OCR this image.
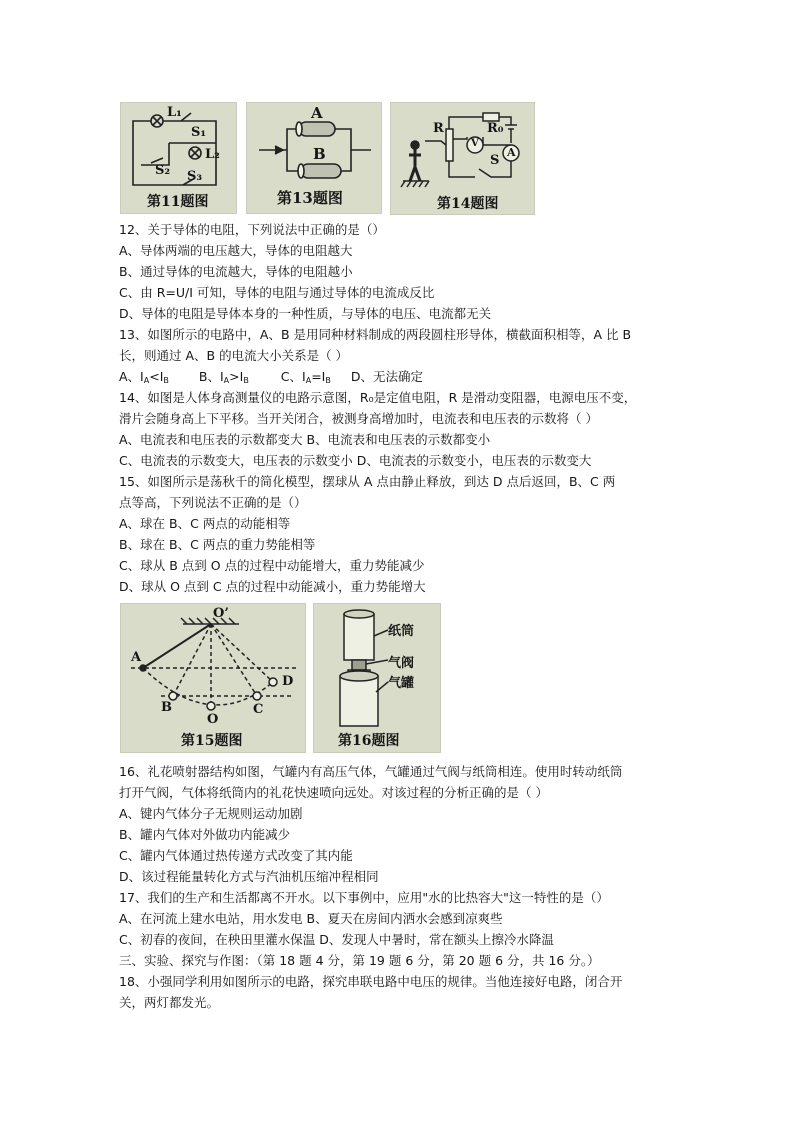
L₁
S₁
L₂
S₂ S₃
第11题图
A
B
第13题图
R	R₀
V
S
A
第14题图
12、关于导体的电阻，下列说法中正确的是（）
A、导体两端的电压越大，导体的电阻越大
B、通过导体的电流越大，导体的电阻越小
C、由 R=U/I 可知，导体的电阻与通过导体的电流成反比
D、导体的电阻是导体本身的一种性质，与导体的电压、电流都无关
13、如图所示的电路中，A、B 是用同种材料制成的两段圆柱形导体，横截面积相等，A 比 B
长，则通过 A、B 的电流大小关系是（ ）
A、$I_A<I_B$ B、$I_A>I_B$	C、$I_A=I_B$ D、无法确定
14、如图是人体身高测量仪的电路示意图，R₀是定值电阻，R 是滑动变阻器，电源电压不变，
滑片会随身高上下平移。当开关闭合，被测身高增加时，电流表和电压表的示数将（ ）
A、电流表和电压表的示数都变大 B、电流表和电压表的示数都变小
C、电流表的示数变大，电压表的示数变小 D、电流表的示数变小，电压表的示数变大
15、如图所示是荡秋千的简化模型，摆球从 A 点由静止释放，到达 D 点后返回，B、C 两
点等高，下列说法不正确的是（）
A、球在 B、C 两点的动能相等
B、球在 B、C 两点的重力势能相等
C、球从 B 点到 O 点的过程中动能增大，重力势能减少
D、球从 O 点到 C 点的过程中动能减小，重力势能增大
O’
A
B
O
C
D
第15题图
纸筒
气阀
气罐
第16题图
16、礼花喷射器结构如图，气罐内有高压气体，气罐通过气阀与纸筒相连。使用时转动纸筒
打开气阀，气体将纸筒内的礼花快速喷向远处。对该过程的分析正确的是（ ）
A、键内气体分子无规则运动加剧
B、罐内气体对外做功内能减少
C、罐内气体通过热传递方式改变了其内能
D、该过程能量转化方式与汽油机压缩冲程相同
17、我们的生产和生活都离不开水。以下事例中，应用"水的比热容大"这一特性的是（）
A、在河流上建水电站，用水发电 B、夏天在房间内洒水会感到凉爽些
C、初春的夜间，在秧田里灌水保温 D、发现人中暑时，常在额头上擦冷水降温
三、实验、探究与作图：（第 18 题 4 分，第 19 题 6 分，第 20 题 6 分，共 16 分。）
18、小强同学利用如图所示的电路，探究串联电路中电压的规律。当他连接好电路，闭合开
关，两灯都发光。
